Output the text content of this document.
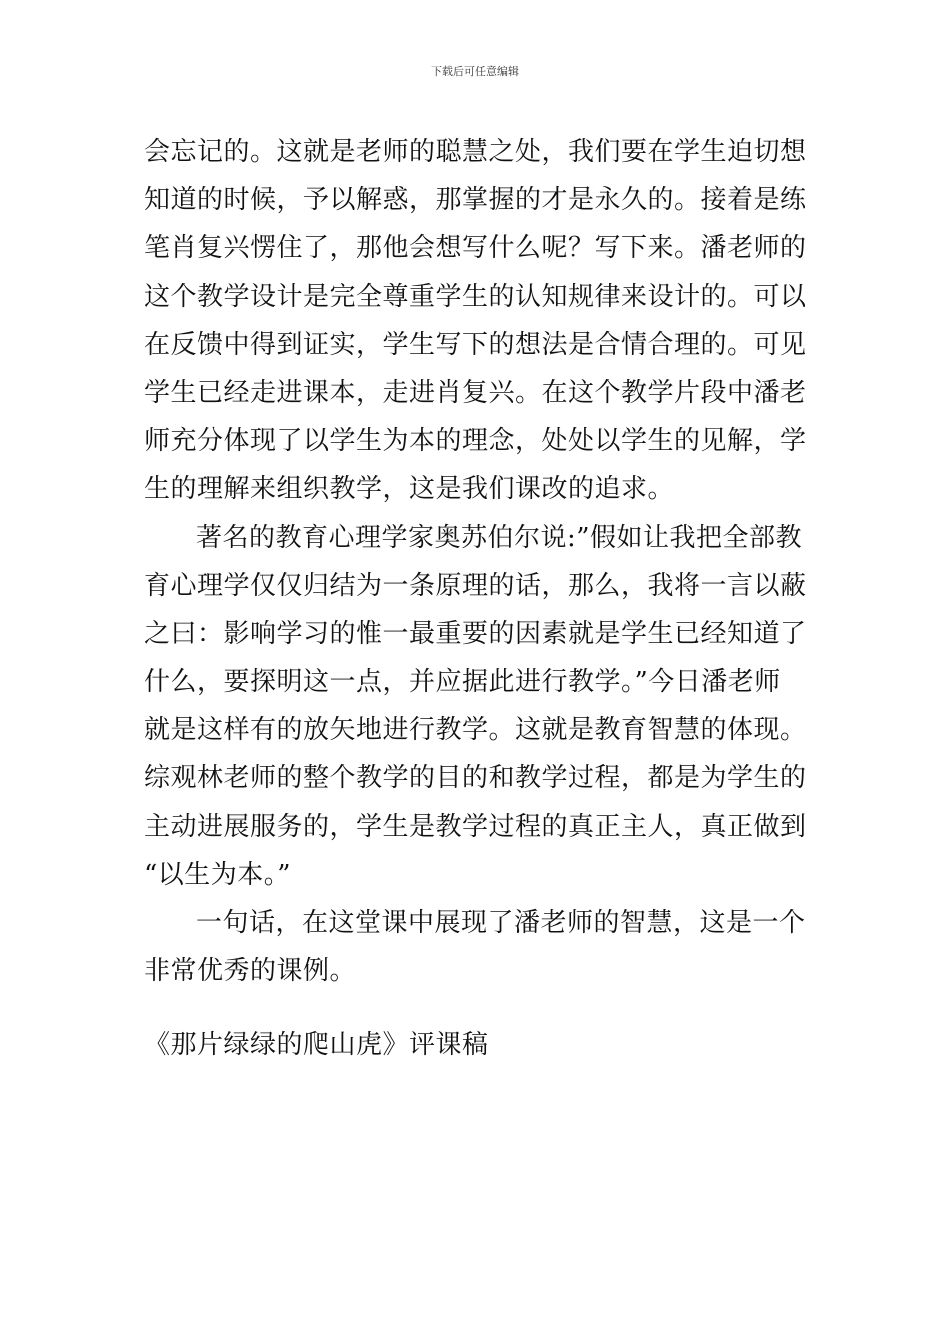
下载后可任意编辑
会忘记的。这就是老师的聪慧之处，我们要在学生迫切想
知道的时候，予以解惑，那掌握的才是永久的。接着是练
笔肖复兴愣住了，那他会想写什么呢？写下来。潘老师的
这个教学设计是完全尊重学生的认知规律来设计的。可以
在反馈中得到证实，学生写下的想法是合情合理的。可见
学生已经走进课本，走进肖复兴。在这个教学片段中潘老
师充分体现了以学生为本的理念，处处以学生的见解，学
生的理解来组织教学，这是我们课改的追求。
著名的教育心理学家奥苏伯尔说:”假如让我把全部教
育心理学仅仅归结为一条原理的话，那么，我将一言以蔽
之曰：影响学习的惟一最重要的因素就是学生已经知道了
什么，要探明这一点，并应据此进行教学。”今日潘老师
就是这样有的放矢地进行教学。这就是教育智慧的体现。
综观林老师的整个教学的目的和教学过程，都是为学生的
主动进展服务的，学生是教学过程的真正主人，真正做到
“以生为本。”
一句话，在这堂课中展现了潘老师的智慧，这是一个
非常优秀的课例。
《那片绿绿的爬山虎》评课稿
